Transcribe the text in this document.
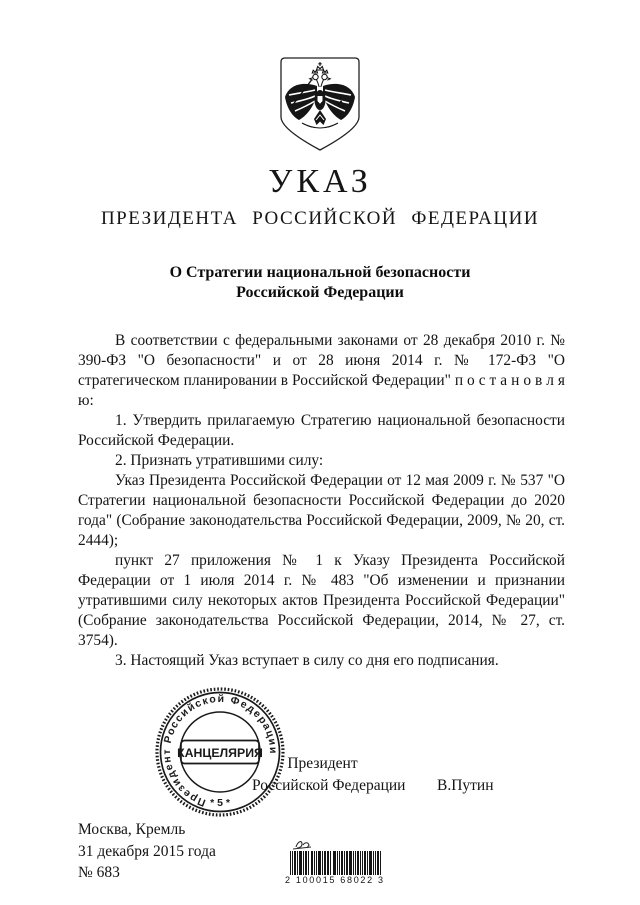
УКАЗ
ПРЕЗИДЕНТА РОССИЙСКОЙ ФЕДЕРАЦИИ
О Стратегии национальной безопасности
Российской Федерации

В соответствии с федеральными законами от 28 декабря 2010 г. № 390-ФЗ "О безопасности" и от 28 июня 2014 г. № 172-ФЗ "О стратегическом планировании в Российской Федерации" п о с т а н о в л я ю:

1. Утвердить прилагаемую Стратегию национальной безопасности Российской Федерации.

2. Признать утратившими силу:

Указ Президента Российской Федерации от 12 мая 2009 г. № 537 "О Стратегии национальной безопасности Российской Федерации до 2020 года" (Собрание законодательства Российской Федерации, 2009, № 20, ст. 2444);

пункт 27 приложения № 1 к Указу Президента Российской Федерации от 1 июля 2014 г. № 483 "Об изменении и признании утратившими силу некоторых актов Президента Российской Федерации" (Собрание законодательства Российской Федерации, 2014, № 27, ст. 3754).

3. Настоящий Указ вступает в силу со дня его подписания.

Президент
Российской Федерации В.Путин
Президент Российской Федерации
КАНЦЕЛЯРИЯ
* 5 *
Москва, Кремль
31 декабря 2015 года
№ 683	2 100015 68022 3
